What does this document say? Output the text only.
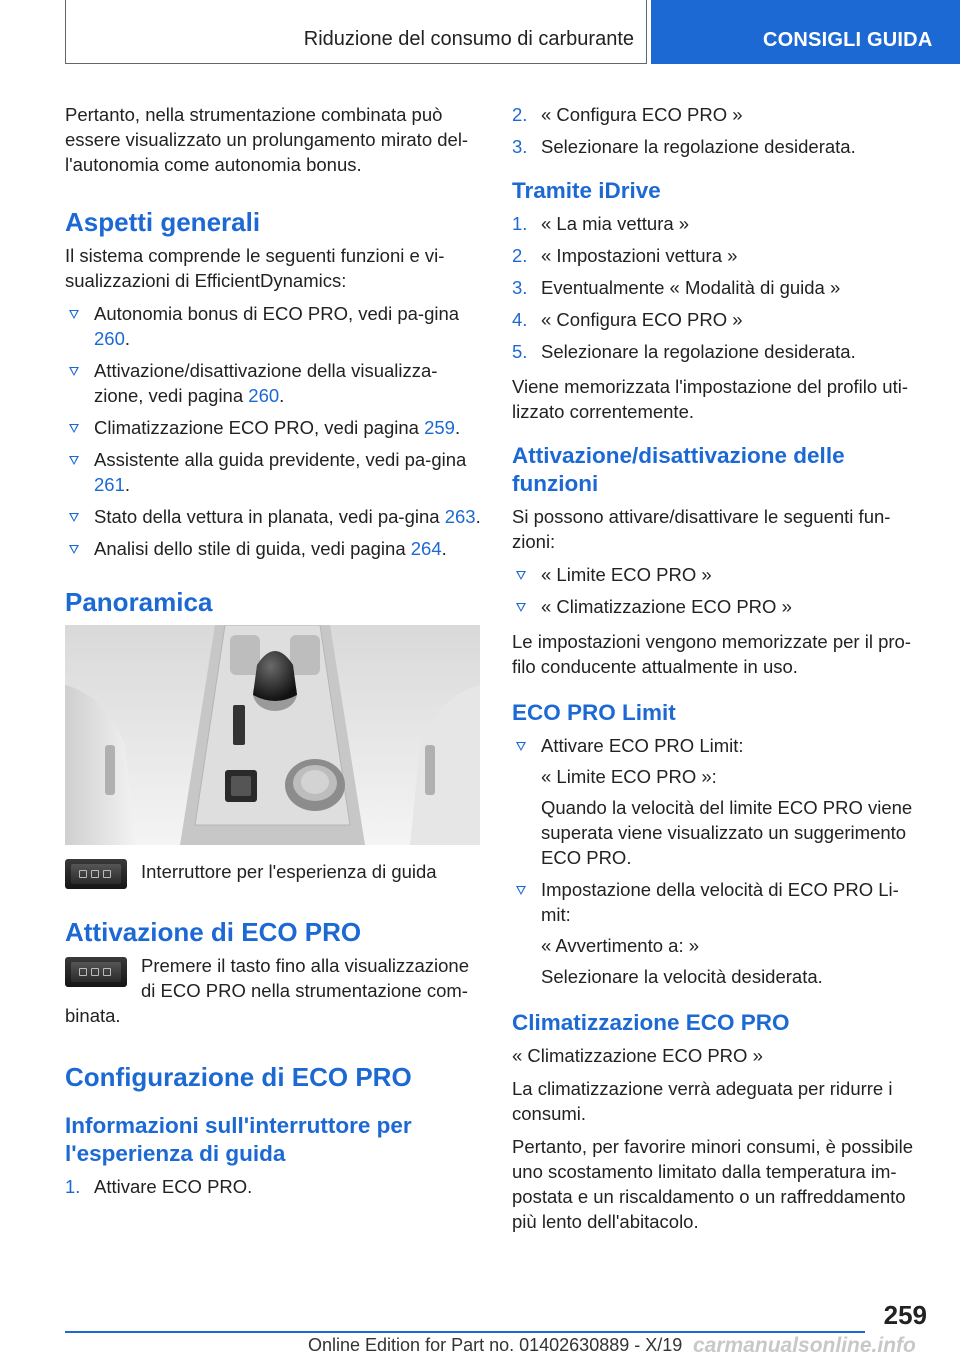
Riduzione del consumo di carburante	CONSIGLI GUIDA

Pertanto, nella strumentazione combinata può essere visualizzato un prolungamento mirato del-l'autonomia come autonomia bonus.

Aspetti generali

Il sistema comprende le seguenti funzioni e vi-sualizzazioni di EfficientDynamics:

Autonomia bonus di ECO PRO, vedi pa-gina 260.
Attivazione/disattivazione della visualizza-zione, vedi pagina 260.
Climatizzazione ECO PRO, vedi pagina 259.
Assistente alla guida previdente, vedi pa-gina 261.
Stato della vettura in planata, vedi pa-gina 263.
Analisi dello stile di guida, vedi pagina 264.
Panoramica
Interruttore per l'esperienza di guida
Attivazione di ECO PRO

Premere il tasto fino alla visualizzazione di ECO PRO nella strumentazione com-binata.

Configurazione di ECO PRO
Informazioni sull'interruttore per l'esperienza di guida
1. Attivare ECO PRO.
2. « Configura ECO PRO »
3. Selezionare la regolazione desiderata.
Tramite iDrive
1. « La mia vettura »
2. « Impostazioni vettura »
3. Eventualmente « Modalità di guida »
4. « Configura ECO PRO »
5. Selezionare la regolazione desiderata.

Viene memorizzata l'impostazione del profilo uti-lizzato correntemente.

Attivazione/disattivazione delle funzioni

Si possono attivare/disattivare le seguenti fun-zioni:

« Limite ECO PRO »
« Climatizzazione ECO PRO »

Le impostazioni vengono memorizzate per il pro-filo conducente attualmente in uso.

ECO PRO Limit
Attivare ECO PRO Limit:
« Limite ECO PRO »:
Quando la velocità del limite ECO PRO viene superata viene visualizzato un suggerimento ECO PRO.
Impostazione della velocità di ECO PRO Li-mit:
« Avvertimento a: »
Selezionare la velocità desiderata.
Climatizzazione ECO PRO

« Climatizzazione ECO PRO »

La climatizzazione verrà adeguata per ridurre i consumi.

Pertanto, per favorire minori consumi, è possibile uno scostamento limitato dalla temperatura im-postata e un riscaldamento o un raffreddamento più lento dell'abitacolo.

259
Online Edition for Part no. 01402630889 - X/19 carmanualsonline.info
